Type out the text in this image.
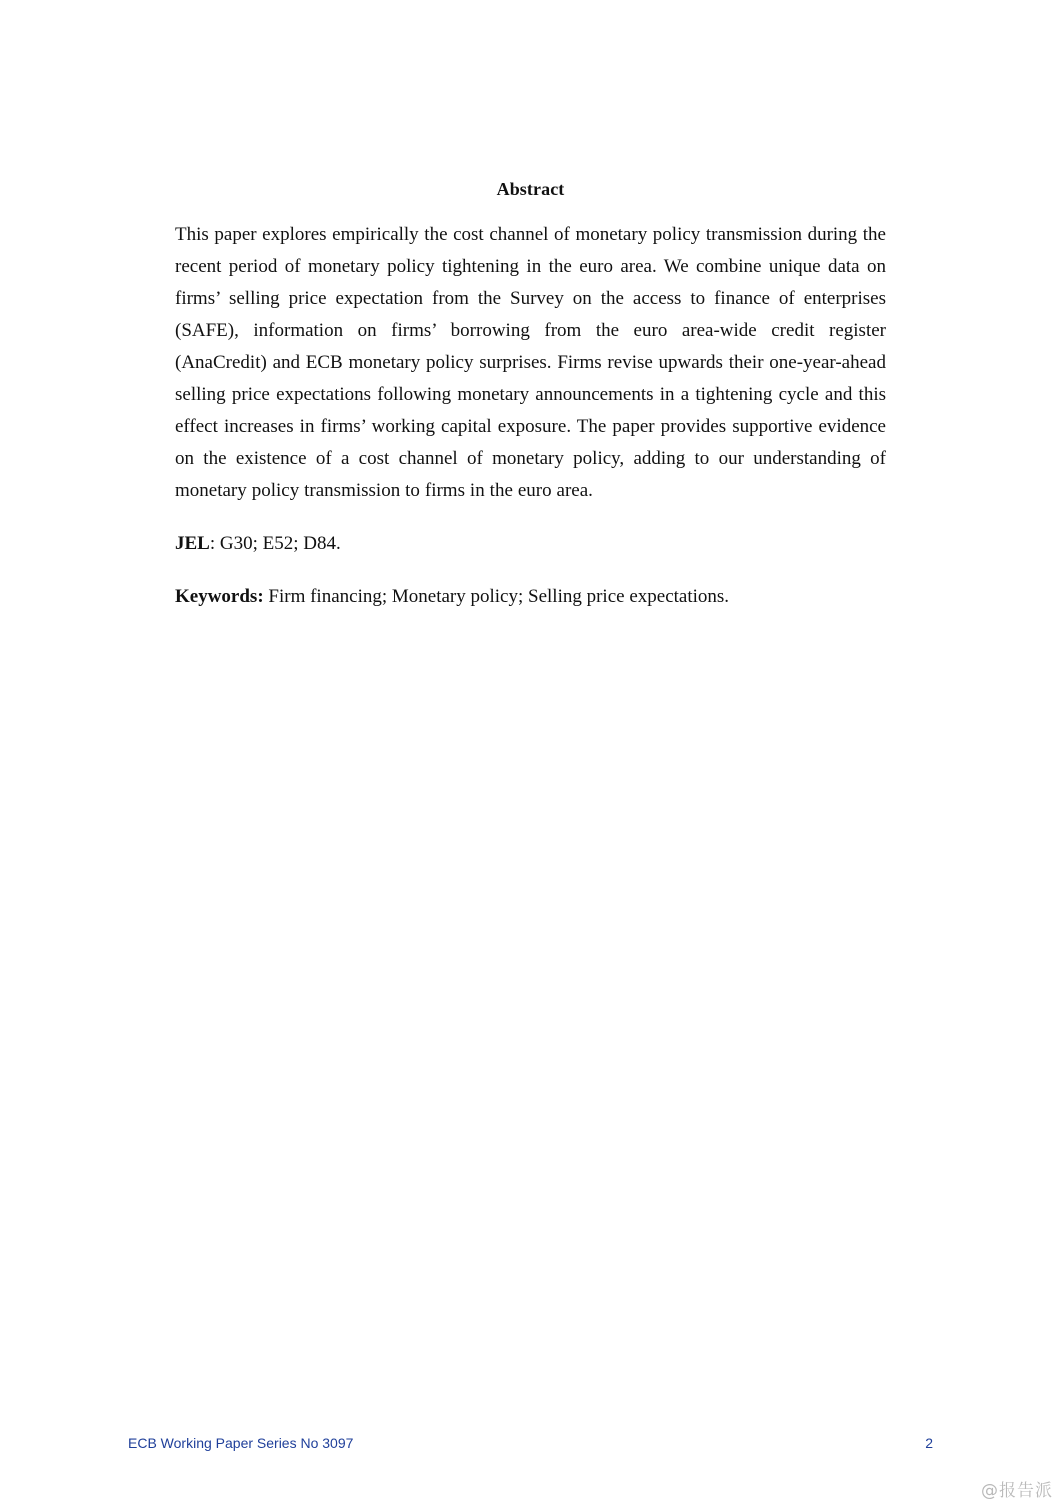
Abstract

This paper explores empirically the cost channel of monetary policy transmission during the recent period of monetary policy tightening in the euro area. We combine unique data on firms’ selling price expectation from the Survey on the access to finance of enterprises (SAFE), information on firms’ borrowing from the euro area-wide credit register (AnaCredit) and ECB monetary policy surprises. Firms revise upwards their one-year-ahead selling price expectations following monetary announcements in a tightening cycle and this effect increases in firms’ working capital exposure. The paper provides supportive evidence on the existence of a cost channel of monetary policy, adding to our understanding of monetary policy transmission to firms in the euro area.

JEL: G30; E52; D84.
Keywords: Firm financing; Monetary policy; Selling price expectations.
ECB Working Paper Series No 3097	2
@报告派
